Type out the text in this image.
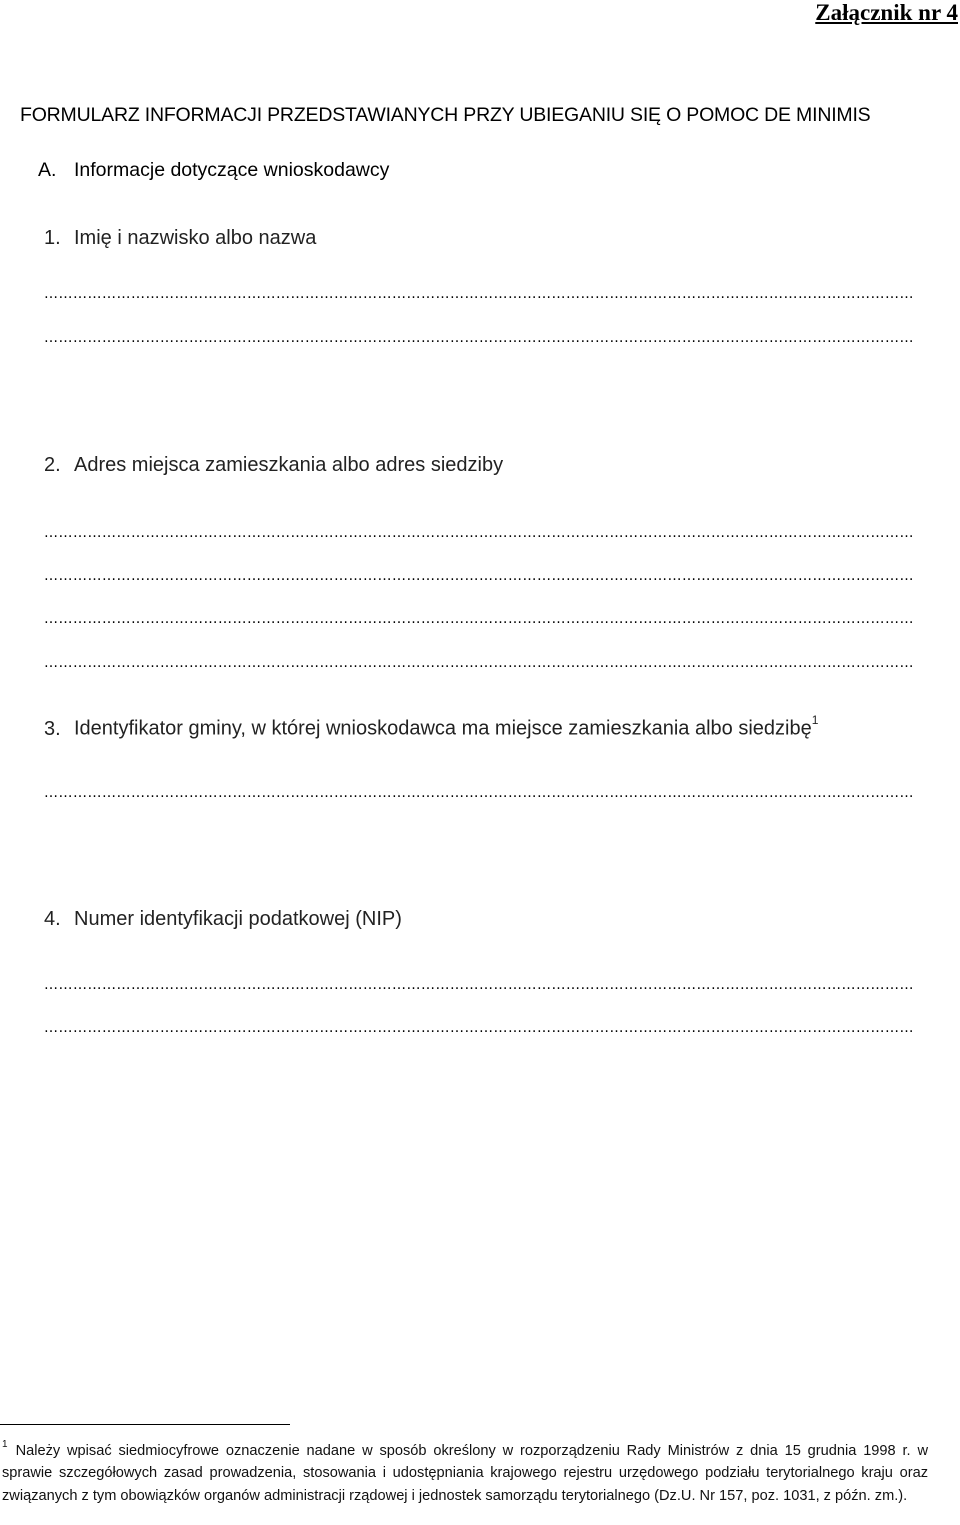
Załącznik nr 4
FORMULARZ INFORMACJI PRZEDSTAWIANYCH PRZY UBIEGANIU SIĘ O POMOC DE MINIMIS
A. Informacje dotyczące wnioskodawcy
1. Imię i nazwisko albo nazwa
………………………………………………………………………………………………………………………………………………………………
………………………………………………………………………………………………………………………………………………………………
2. Adres miejsca zamieszkania albo adres siedziby
………………………………………………………………………………………………………………………………………………………………
………………………………………………………………………………………………………………………………………………………………
………………………………………………………………………………………………………………………………………………………………
………………………………………………………………………………………………………………………………………………………………
3. Identyfikator gminy, w której wnioskodawca ma miejsce zamieszkania albo siedzibę$^1$
………………………………………………………………………………………………………………………………………………………………
4. Numer identyfikacji podatkowej (NIP)
………………………………………………………………………………………………………………………………………………………………
………………………………………………………………………………………………………………………………………………………………
$^1$ Należy wpisać siedmiocyfrowe oznaczenie nadane w sposób określony w rozporządzeniu Rady Ministrów z dnia 15 grudnia 1998 r. w sprawie szczegółowych zasad prowadzenia, stosowania i udostępniania krajowego rejestru urzędowego podziału terytorialnego kraju oraz związanych z tym obowiązków organów administracji rządowej i jednostek samorządu terytorialnego (Dz.U. Nr 157, poz. 1031, z późn. zm.).
